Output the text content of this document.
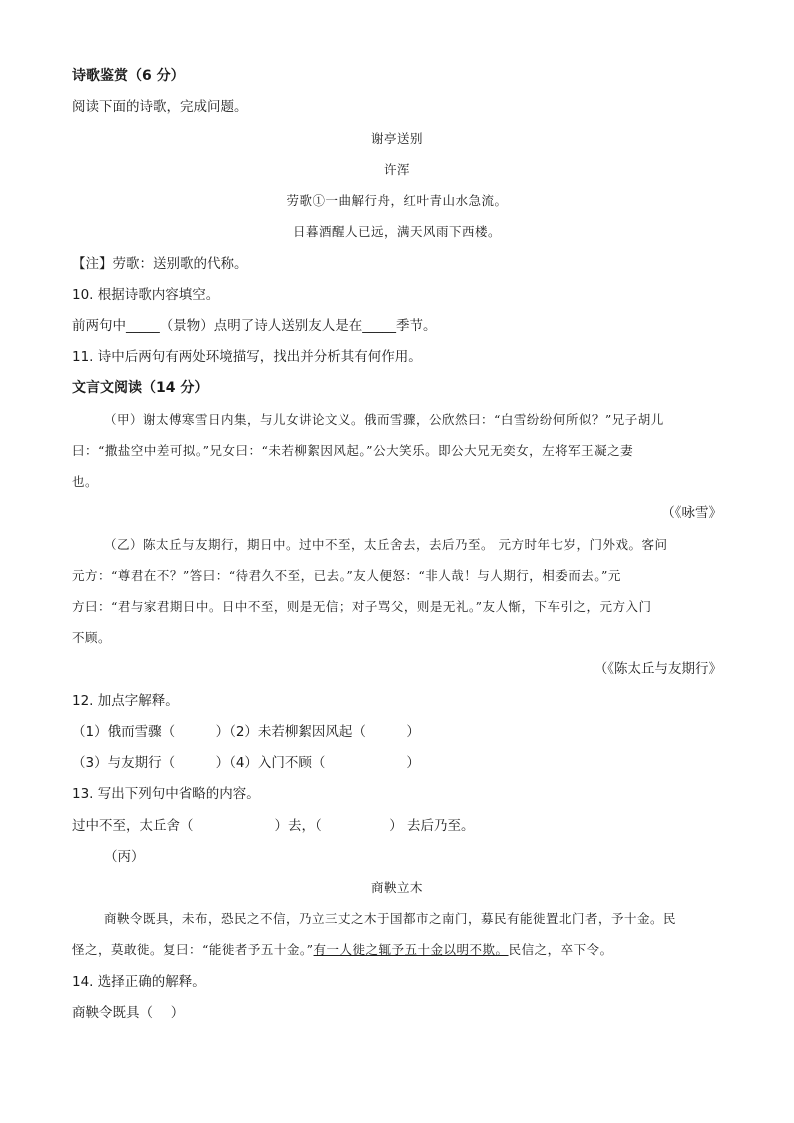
诗歌鉴赏（6 分）
阅读下面的诗歌，完成问题。
谢亭送别
许浑
劳歌①一曲解行舟，红叶青山水急流。
日暮酒醒人已远，满天风雨下西楼。
【注】劳歌：送别歌的代称。
10. 根据诗歌内容填空。
前两句中_____（景物）点明了诗人送别友人是在_____季节。
11. 诗中后两句有两处环境描写，找出并分析其有何作用。
文言文阅读（14 分）
（甲）谢太傅寒雪日内集，与儿女讲论文义。俄而雪骤，公欣然曰：“白雪纷纷何所似？”兄子胡儿
曰：“撒盐空中差可拟。”兄女曰：“未若柳絮因风起。”公大笑乐。即公大兄无奕女，左将军王凝之妻
也。
（《咏雪》
（乙）陈太丘与友期行，期日中。过中不至，太丘舍去，去后乃至。 元方时年七岁，门外戏。客问
元方：“尊君在不？”答曰：“待君久不至，已去。”友人便怒：“非人哉！与人期行，相委而去。”元
方曰：“君与家君期日中。日中不至，则是无信；对子骂父，则是无礼。”友人惭，下车引之，元方入门
不顾。
（《陈太丘与友期行》
12. 加点字解释。
（1）俄而雪骤（　　　）（2）未若柳絮因风起（　　　）
（3）与友期行（　　　）（4）入门不顾（　　　　　　）
13. 写出下列句中省略的内容。
过中不至，太丘舍（　　　　　　）去，（　　　　　） 去后乃至。
（丙）
商鞅立木
商鞅令既具，未布，恐民之不信，乃立三丈之木于国都市之南门，募民有能徙置北门者，予十金。民
怪之，莫敢徙。复曰：“能徙者予五十金。”有一人徙之辄予五十金以明不欺。民信之，卒下令。
14. 选择正确的解释。
商鞅令既具（　 ）
